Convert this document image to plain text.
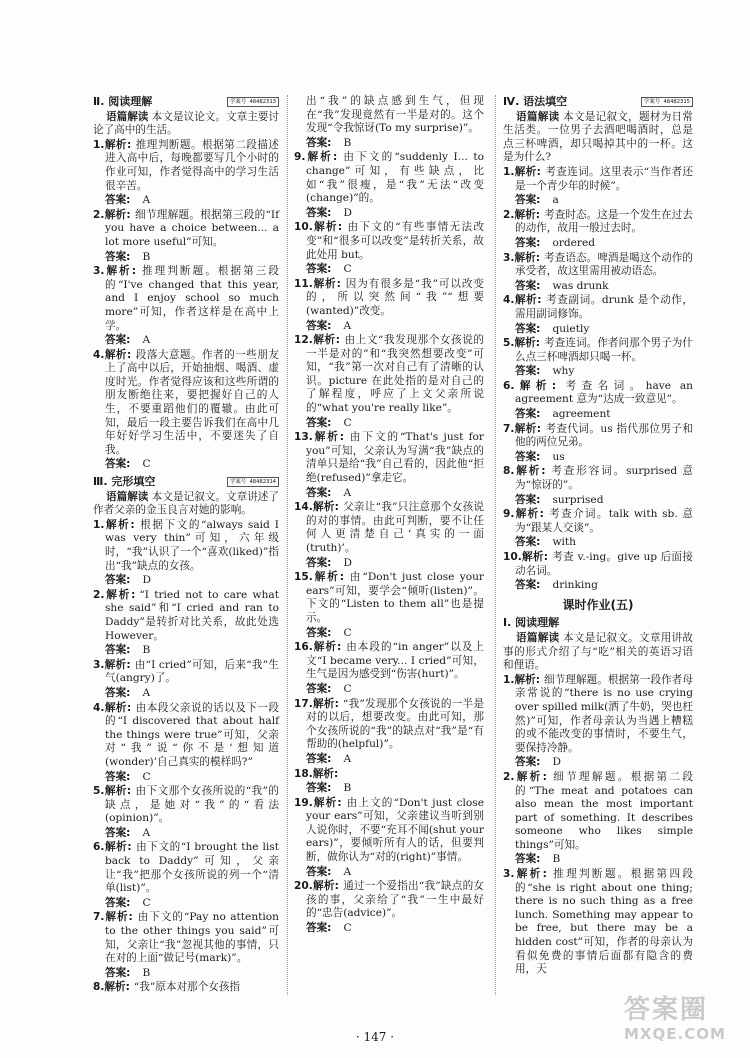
Ⅱ. 阅读理解	学案号 48482313
语篇解读 本文是议论文。文章主要讨论了高中的生活。
1.解析: 推理判断题。根据第二段描述进入高中后，每晚都要写几个小时的作业可知，作者觉得高中的学习生活很辛苦。
答案: A
2.解析: 细节理解题。根据第三段的“If you have a choice between... a lot more useful”可知。
答案: B
3.解析: 推理判断题。根据第三段的“I've changed that this year, and I enjoy school so much more”可知，作者这样是在高中上学。
答案: A
4.解析: 段落大意题。作者的一些朋友上了高中以后，开始抽烟、喝酒、虚度时光。作者觉得应该和这些所谓的朋友断绝往来，要把握好自己的人生，不要重蹈他们的覆辙。由此可知，最后一段主要告诉我们在高中几年好好学习生活中，不要迷失了自我。
答案: C
Ⅲ. 完形填空	学案号 48482314
语篇解读 本文是记叙文。文章讲述了作者父亲的金玉良言对她的影响。
1.解析: 根据下文的“always said I was very thin”可知，六年级时，“我”认识了一个“喜欢(liked)”指出“我”缺点的女孩。
答案: D
2.解析: “I tried not to care what she said”和“I cried and ran to Daddy”是转折对比关系，故此处选 However。
答案: B
3.解析: 由“I cried”可知，后来“我”生气(angry)了。
答案: A
4.解析: 由本段父亲说的话以及下一段的“I discovered that about half the things were true”可知，父亲对“我”说“你不是‘想知道(wonder)’自己真实的模样吗?”
答案: C
5.解析: 由下文那个女孩所说的“我”的缺点，是她对“我”的“看法(opinion)”。
答案: A
6.解析: 由下文的“I brought the list back to Daddy”可知，父亲让“我”把那个女孩所说的列一个“清单(list)”。
答案: C
7.解析: 由下文的“Pay no attention to the other things you said”可知，父亲让“我”忽视其他的事情，只在对的上面“做记号(mark)”。
答案: B
8.解析: “我”原本对那个女孩指
出“我”的缺点感到生气，但现在“我”发现竟然有一半是对的。这个发现“令我惊讶(To my surprise)”。
答案: B
9.解析: 由下文的“suddenly I... to change”可知，有些缺点，比如“我”很瘦，是“我”无法“改变(change)”的。
答案: D
10.解析: 由下文的“有些事情无法改变”和“很多可以改变”是转折关系，故此处用 but。
答案: C
11.解析: 因为有很多是“我”可以改变的，所以突然间“我”“想要(wanted)”改变。
答案: A
12.解析: 由上文“我发现那个女孩说的一半是对的”和“我突然想要改变”可知，“我”第一次对自己有了清晰的认识。picture 在此处指的是对自己的了解程度，呼应了上文父亲所说的“what you're really like”。
答案: C
13.解析: 由下文的“That's just for you”可知，父亲认为写满“我”缺点的清单只是给“我”自己看的，因此他“拒绝(refused)”拿走它。
答案: A
14.解析: 父亲让“我”只注意那个女孩说的对的事情。由此可判断，要不让任何人更清楚自己‘真实的一面(truth)’。
答案: D
15.解析: 由“Don't just close your ears”可知，要学会“倾听(listen)”。下文的“Listen to them all”也是提示。
答案: C
16.解析: 由本段的“in anger”以及上文“I became very... I cried”可知，生气是因为感受到“伤害(hurt)”。
答案: C
17.解析: “我”发现那个女孩说的一半是对的以后，想要改变。由此可知，那个女孩所说的“我”的缺点对“我”是“有帮助的(helpful)”。
答案: A
18.解析:
答案: B
19.解析: 由上文的“Don't just close your ears”可知，父亲建议当听到别人说你时，不要“充耳不闻(shut your ears)”，要倾听所有人的话，但要判断，做你认为“对的(right)”事情。
答案: A
20.解析: 通过一个爱指出“我”缺点的女孩的事，父亲给了“我”一生中最好的“忠告(advice)”。
答案: C
Ⅳ. 语法填空	学案号 48482315
语篇解读 本文是记叙文，题材为日常生活类。一位男子去酒吧喝酒时，总是点三杯啤酒，却只喝掉其中的一杯。这是为什么?
1.解析: 考查连词。这里表示“当作者还是一个青少年的时候”。
答案: a
2.解析: 考查时态。这是一个发生在过去的动作，故用一般过去时。
答案: ordered
3.解析: 考查语态。啤酒是喝这个动作的承受者，故这里需用被动语态。
答案: was drunk
4.解析: 考查副词。drunk 是个动作，需用副词修饰。
答案: quietly
5.解析: 考查连词。作者问那个男子为什么点三杯啤酒却只喝一杯。
答案: why
6.解析: 考查名词。have an agreement 意为“达成一致意见”。
答案: agreement
7.解析: 考查代词。us 指代那位男子和他的两位兄弟。
答案: us
8.解析: 考查形容词。surprised 意为“惊讶的”。
答案: surprised
9.解析: 考查介词。talk with sb. 意为“跟某人交谈”。
答案: with
10.解析: 考查 v.-ing。give up 后面接动名词。
答案: drinking
课时作业(五)
Ⅰ. 阅读理解
语篇解读 本文是记叙文。文章用讲故事的形式介绍了与“吃”相关的英语习语和俚语。
1.解析: 细节理解题。根据第一段作者母亲常说的“there is no use crying over spilled milk(洒了牛奶，哭也枉然)”可知，作者母亲认为当遇上糟糕的或不能改变的事情时，不要生气，要保持冷静。
答案: D
2.解析: 细节理解题。根据第二段的“The meat and potatoes can also mean the most important part of something. It describes someone who likes simple things”可知。
答案: B
3.解析: 推理判断题。根据第四段的“she is right about one thing; there is no such thing as a free lunch. Something may appear to be free, but there may be a hidden cost”可知，作者的母亲认为看似免费的事情后面都有隐含的费用，天
· 147 ·
答案圈
MXQE.COM
